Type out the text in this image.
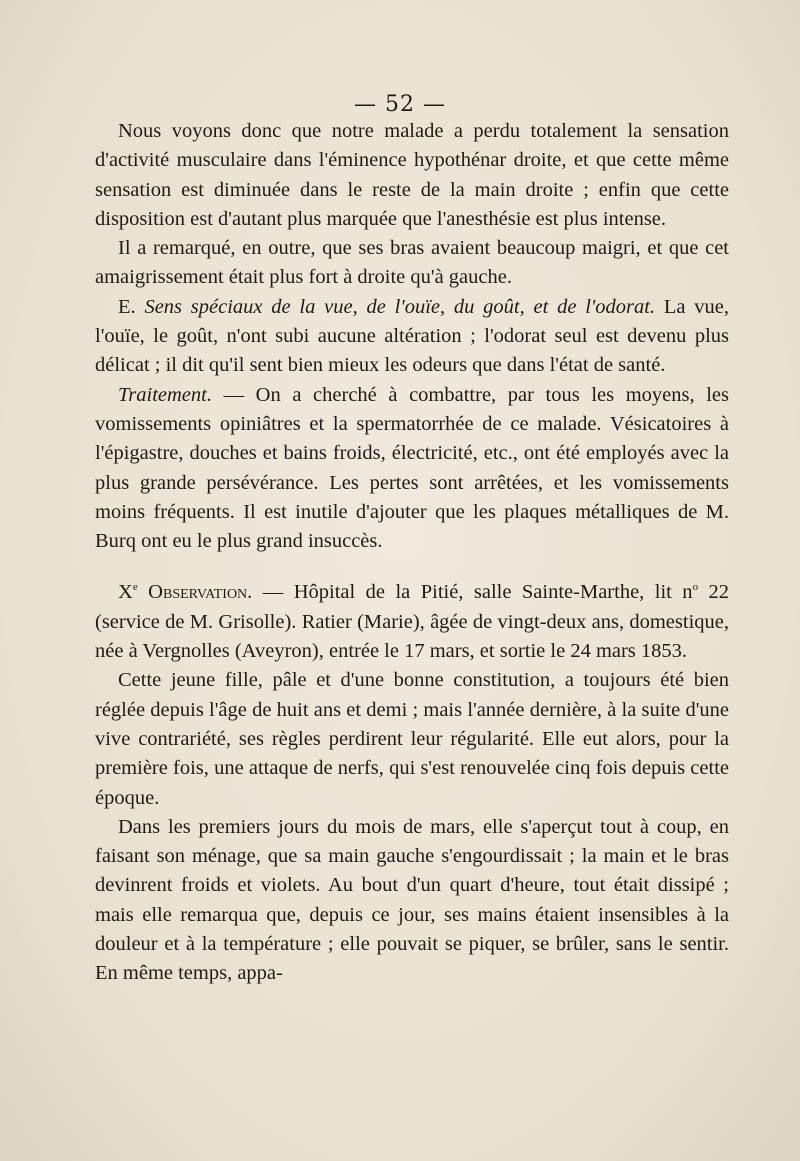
— 52 —

Nous voyons donc que notre malade a perdu totalement la sensation d'activité musculaire dans l'éminence hypothénar droite, et que cette même sensation est diminuée dans le reste de la main droite ; enfin que cette disposition est d'autant plus marquée que l'anesthésie est plus intense.

Il a remarqué, en outre, que ses bras avaient beaucoup maigri, et que cet amaigrissement était plus fort à droite qu'à gauche.

E. Sens spéciaux de la vue, de l'ouïe, du goût, et de l'odorat. La vue, l'ouïe, le goût, n'ont subi aucune altération ; l'odorat seul est devenu plus délicat ; il dit qu'il sent bien mieux les odeurs que dans l'état de santé.

Traitement. — On a cherché à combattre, par tous les moyens, les vomissements opiniâtres et la spermatorrhée de ce malade. Vésicatoires à l'épigastre, douches et bains froids, électricité, etc., ont été employés avec la plus grande persévérance. Les pertes sont arrêtées, et les vomissements moins fréquents. Il est inutile d'ajouter que les plaques métalliques de M. Burq ont eu le plus grand insuccès.

Xe Observation. — Hôpital de la Pitié, salle Sainte-Marthe, lit $n^o$ 22 (service de M. Grisolle). Ratier (Marie), âgée de vingt-deux ans, domestique, née à Vergnolles (Aveyron), entrée le 17 mars, et sortie le 24 mars 1853.

Cette jeune fille, pâle et d'une bonne constitution, a toujours été bien réglée depuis l'âge de huit ans et demi ; mais l'année dernière, à la suite d'une vive contrariété, ses règles perdirent leur régularité. Elle eut alors, pour la première fois, une attaque de nerfs, qui s'est renouvelée cinq fois depuis cette époque.

Dans les premiers jours du mois de mars, elle s'aperçut tout à coup, en faisant son ménage, que sa main gauche s'engourdissait ; la main et le bras devinrent froids et violets. Au bout d'un quart d'heure, tout était dissipé ; mais elle remarqua que, depuis ce jour, ses mains étaient insensibles à la douleur et à la température ; elle pouvait se piquer, se brûler, sans le sentir. En même temps, appa-
